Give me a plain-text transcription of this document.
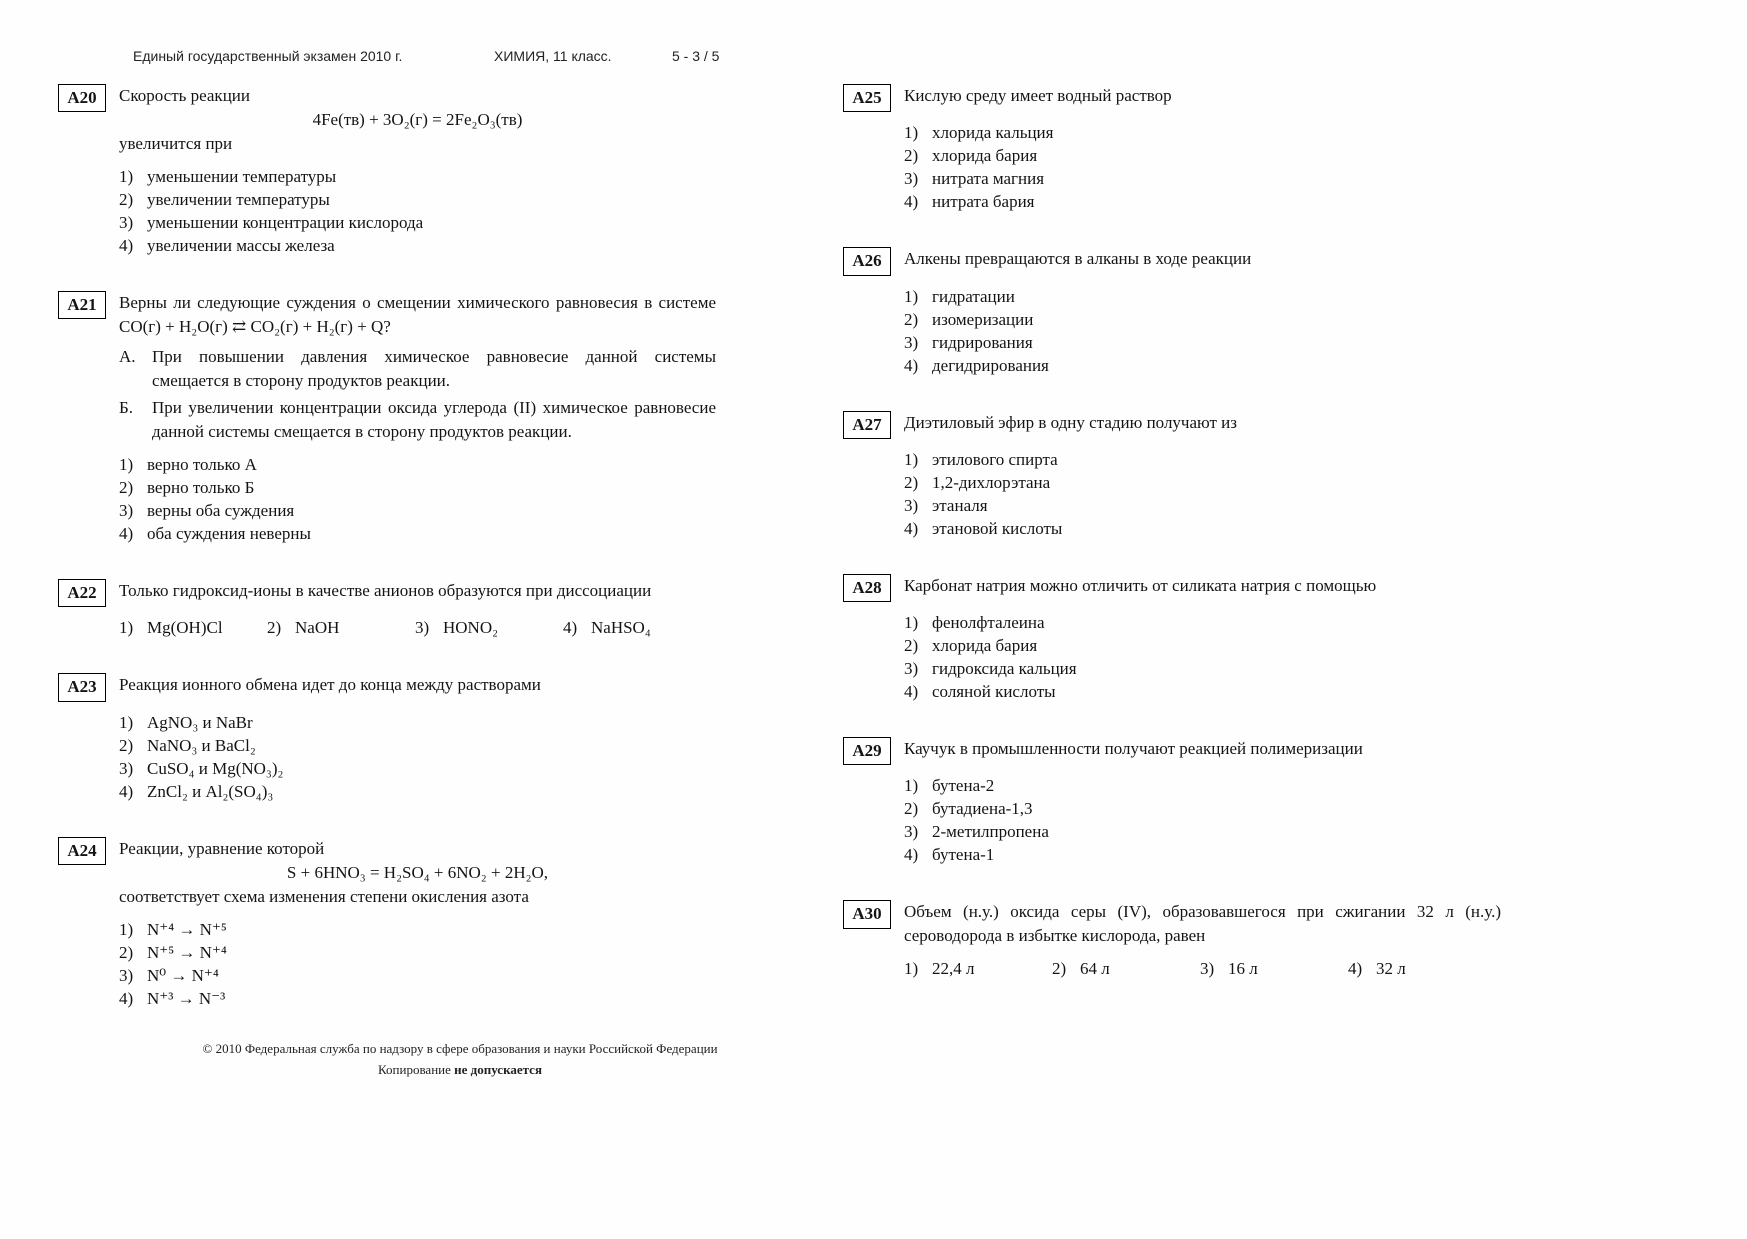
Единый государственный экзамен 2010 г.	ХИМИЯ, 11 класс.	5 - 3 / 5
А20	Скорость реакции
4Fe(тв) + 3O₂(г) = 2Fe₂O₃(тв)
увеличится при
1) уменьшении температуры
2) увеличении температуры
3) уменьшении концентрации кислорода
4) увеличении массы железа
А21	Верны ли следующие суждения о смещении химического равновесия в системе CO(г) + H₂O(г) ⇄ CO₂(г) + H₂(г) + Q?
А. При повышении давления химическое равновесие данной системы смещается в сторону продуктов реакции.
Б.	При увеличении концентрации оксида углерода (II) химическое равновесие данной системы смещается в сторону продуктов реакции.
1) верно только А
2) верно только Б
3) верны оба суждения
4) оба суждения неверны
А22	Только гидроксид-ионы в качестве анионов образуются при диссоциации
1) Mg(OH)Cl	2) NaOH	3) HONO₂	4) NaHSO₄
А23	Реакция ионного обмена идет до конца между растворами
1) AgNO₃ и NaBr
2) NaNO₃ и BaCl₂
3) CuSO₄ и Mg(NO₃)₂
4) ZnCl₂ и Al₂(SO₄)₃
А24	Реакции, уравнение которой
S + 6HNO₃ = H₂SO₄ + 6NO₂ + 2H₂O,
соответствует схема изменения степени окисления азота
1) N⁺⁴ → N⁺⁵
2) N⁺⁵ → N⁺⁴
3) N⁰ → N⁺⁴
4) N⁺³ → N⁻³
А25	Кислую среду имеет водный раствор
1) хлорида кальция
2) хлорида бария
3) нитрата магния
4) нитрата бария
А26	Алкены превращаются в алканы в ходе реакции
1) гидратации
2) изомеризации
3) гидрирования
4) дегидрирования
А27	Диэтиловый эфир в одну стадию получают из
1) этилового спирта
2) 1,2-дихлорэтана
3) этаналя
4) этановой кислоты
А28	Карбонат натрия можно отличить от силиката натрия с помощью
1) фенолфталеина
2) хлорида бария
3) гидроксида кальция
4) соляной кислоты
А29	Каучук в промышленности получают реакцией полимеризации
1) бутена-2
2) бутадиена-1,3
3) 2-метилпропена
4) бутена-1
А30	Объем (н.у.) оксида серы (IV), образовавшегося при сжигании 32 л (н.у.) сероводорода в избытке кислорода, равен
1) 22,4 л	2) 64 л	3) 16 л	4) 32 л
© 2010 Федеральная служба по надзору в сфере образования и науки Российской Федерации
Копирование не допускается
